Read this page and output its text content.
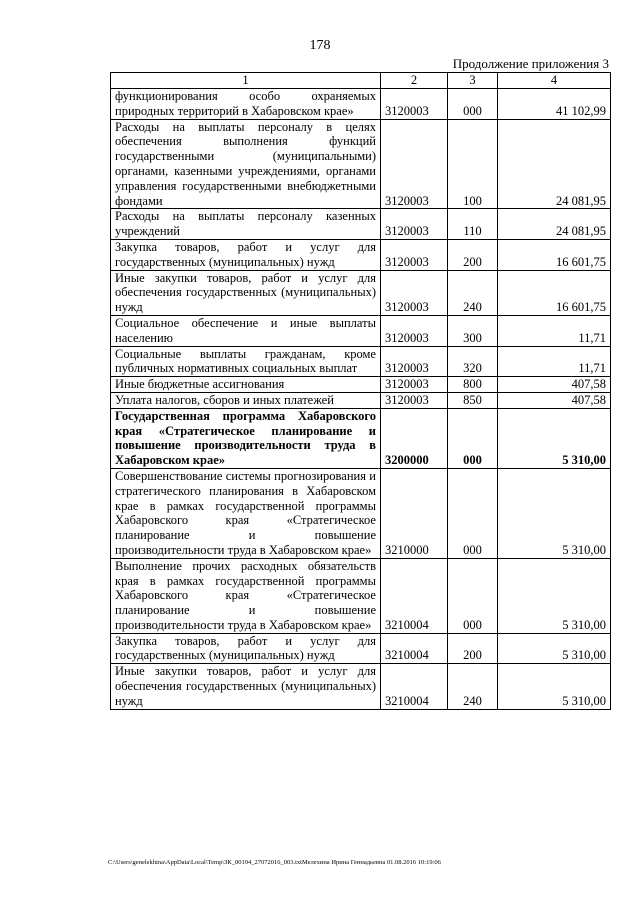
178
Продолжение приложения 3
1	2	3	4
функционирования особо охраняемых природных территорий в Хабаровском крае»	3120003	000	41 102,99
Расходы на выплаты персоналу в целях обеспечения выполнения функций государственными (муниципальными) органами, казенными учреждениями, органами управления государственными внебюджетными фондами	3120003	100	24 081,95
Расходы на выплаты персоналу казенных учреждений	3120003	110	24 081,95
Закупка товаров, работ и услуг для государственных (муниципальных) нужд	3120003	200	16 601,75
Иные закупки товаров, работ и услуг для обеспечения государственных (муниципальных) нужд	3120003	240	16 601,75
Социальное обеспечение и иные выплаты населению	3120003	300	11,71
Социальные выплаты гражданам, кроме публичных нормативных социальных выплат	3120003	320	11,71
Иные бюджетные ассигнования	3120003	800	407,58
Уплата налогов, сборов и иных платежей	3120003	850	407,58
Государственная программа Хабаровского края «Стратегическое планирование и повышение производительности труда в Хабаровском крае»	3200000	000	5 310,00
Совершенствование системы прогнозирования и стратегического планирования в Хабаровском крае в рамках государственной программы Хабаровского края «Стратегическое планирование и повышение производительности труда в Хабаровском крае»	3210000	000	5 310,00
Выполнение прочих расходных обязательств края в рамках государственной программы Хабаровского края «Стратегическое планирование и повышение производительности труда в Хабаровском крае»	3210004	000	5 310,00
Закупка товаров, работ и услуг для государственных (муниципальных) нужд	3210004	200	5 310,00
Иные закупки товаров, работ и услуг для обеспечения государственных (муниципальных) нужд	3210004	240	5 310,00
C:\Users\genelekhina\AppData\Local\Temp\ЗК_00194_27072016_003.txtМелехина Ирина Геннадьевна 01.08.2016 10:19:06
